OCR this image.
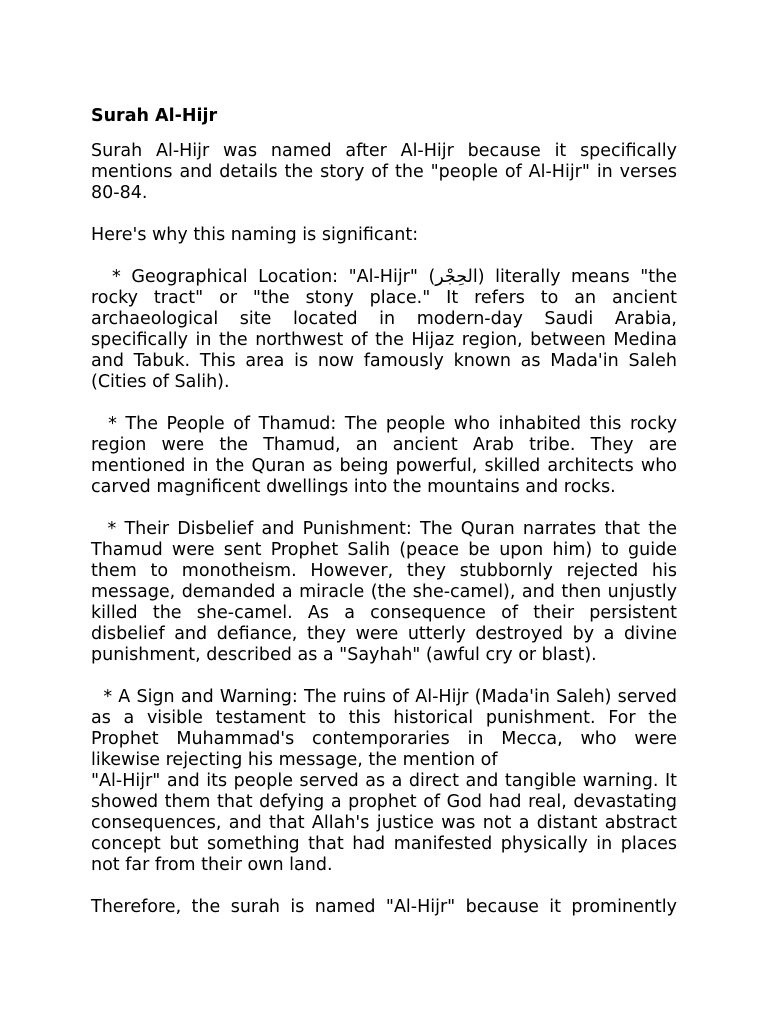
Surah Al-Hijr

Surah Al-Hijr was named after Al-Hijr because it specifically mentions and details the story of the "people of Al-Hijr" in verses 80-84.

Here's why this naming is significant:

* Geographical Location: "Al-Hijr" (الحِجْر) literally means "the rocky tract" or "the stony place." It refers to an ancient archaeological site located in modern-day Saudi Arabia, specifically in the northwest of the Hijaz region, between Medina and Tabuk. This area is now famously known as Mada'in Saleh (Cities of Salih).

* The People of Thamud: The people who inhabited this rocky region were the Thamud, an ancient Arab tribe. They are mentioned in the Quran as being powerful, skilled architects who carved magnificent dwellings into the mountains and rocks.

* Their Disbelief and Punishment: The Quran narrates that the Thamud were sent Prophet Salih (peace be upon him) to guide them to monotheism. However, they stubbornly rejected his message, demanded a miracle (the she-camel), and then unjustly killed the she-camel. As a consequence of their persistent disbelief and defiance, they were utterly destroyed by a divine punishment, described as a "Sayhah" (awful cry or blast).

* A Sign and Warning: The ruins of Al-Hijr (Mada'in Saleh) served as a visible testament to this historical punishment. For the Prophet Muhammad's contemporaries in Mecca, who were likewise rejecting his message, the mention of
"Al-Hijr" and its people served as a direct and tangible warning. It showed them that defying a prophet of God had real, devastating consequences, and that Allah's justice was not a distant abstract concept but something that had manifested physically in places not far from their own land.

Therefore, the surah is named "Al-Hijr" because it prominently
